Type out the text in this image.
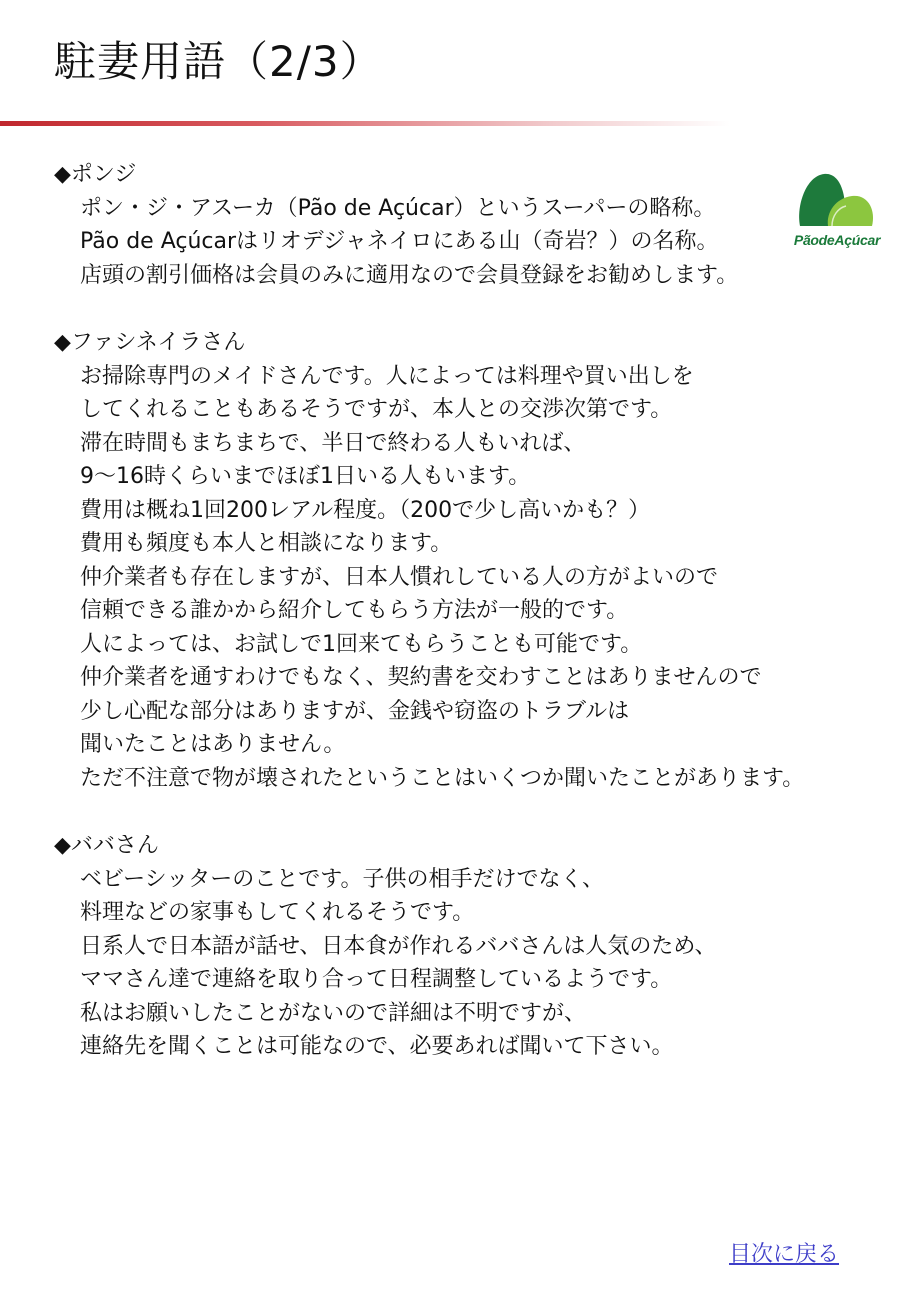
駐妻用語（2/3）
◆ポンジ
ポン・ジ・アスーカ（Pão de Açúcar）というスーパーの略称。
Pão de Açúcarはリオデジャネイロにある山（奇岩？）の名称。
店頭の割引価格は会員のみに適用なので会員登録をお勧めします。
PãodeAçúcar
◆ファシネイラさん
お掃除専門のメイドさんです。人によっては料理や買い出しを
してくれることもあるそうですが、本人との交渉次第です。
滞在時間もまちまちで、半日で終わる人もいれば、
9〜16時くらいまでほぼ1日いる人もいます。
費用は概ね1回200レアル程度。（200で少し高いかも？）
費用も頻度も本人と相談になります。
仲介業者も存在しますが、日本人慣れしている人の方がよいので
信頼できる誰かから紹介してもらう方法が一般的です。
人によっては、お試しで1回来てもらうことも可能です。
仲介業者を通すわけでもなく、契約書を交わすことはありませんので
少し心配な部分はありますが、金銭や窃盗のトラブルは
聞いたことはありません。
ただ不注意で物が壊されたということはいくつか聞いたことがあります。
◆ババさん
ベビーシッターのことです。子供の相手だけでなく、
料理などの家事もしてくれるそうです。
日系人で日本語が話せ、日本食が作れるババさんは人気のため、
ママさん達で連絡を取り合って日程調整しているようです。
私はお願いしたことがないので詳細は不明ですが、
連絡先を聞くことは可能なので、必要あれば聞いて下さい。
目次に戻る
